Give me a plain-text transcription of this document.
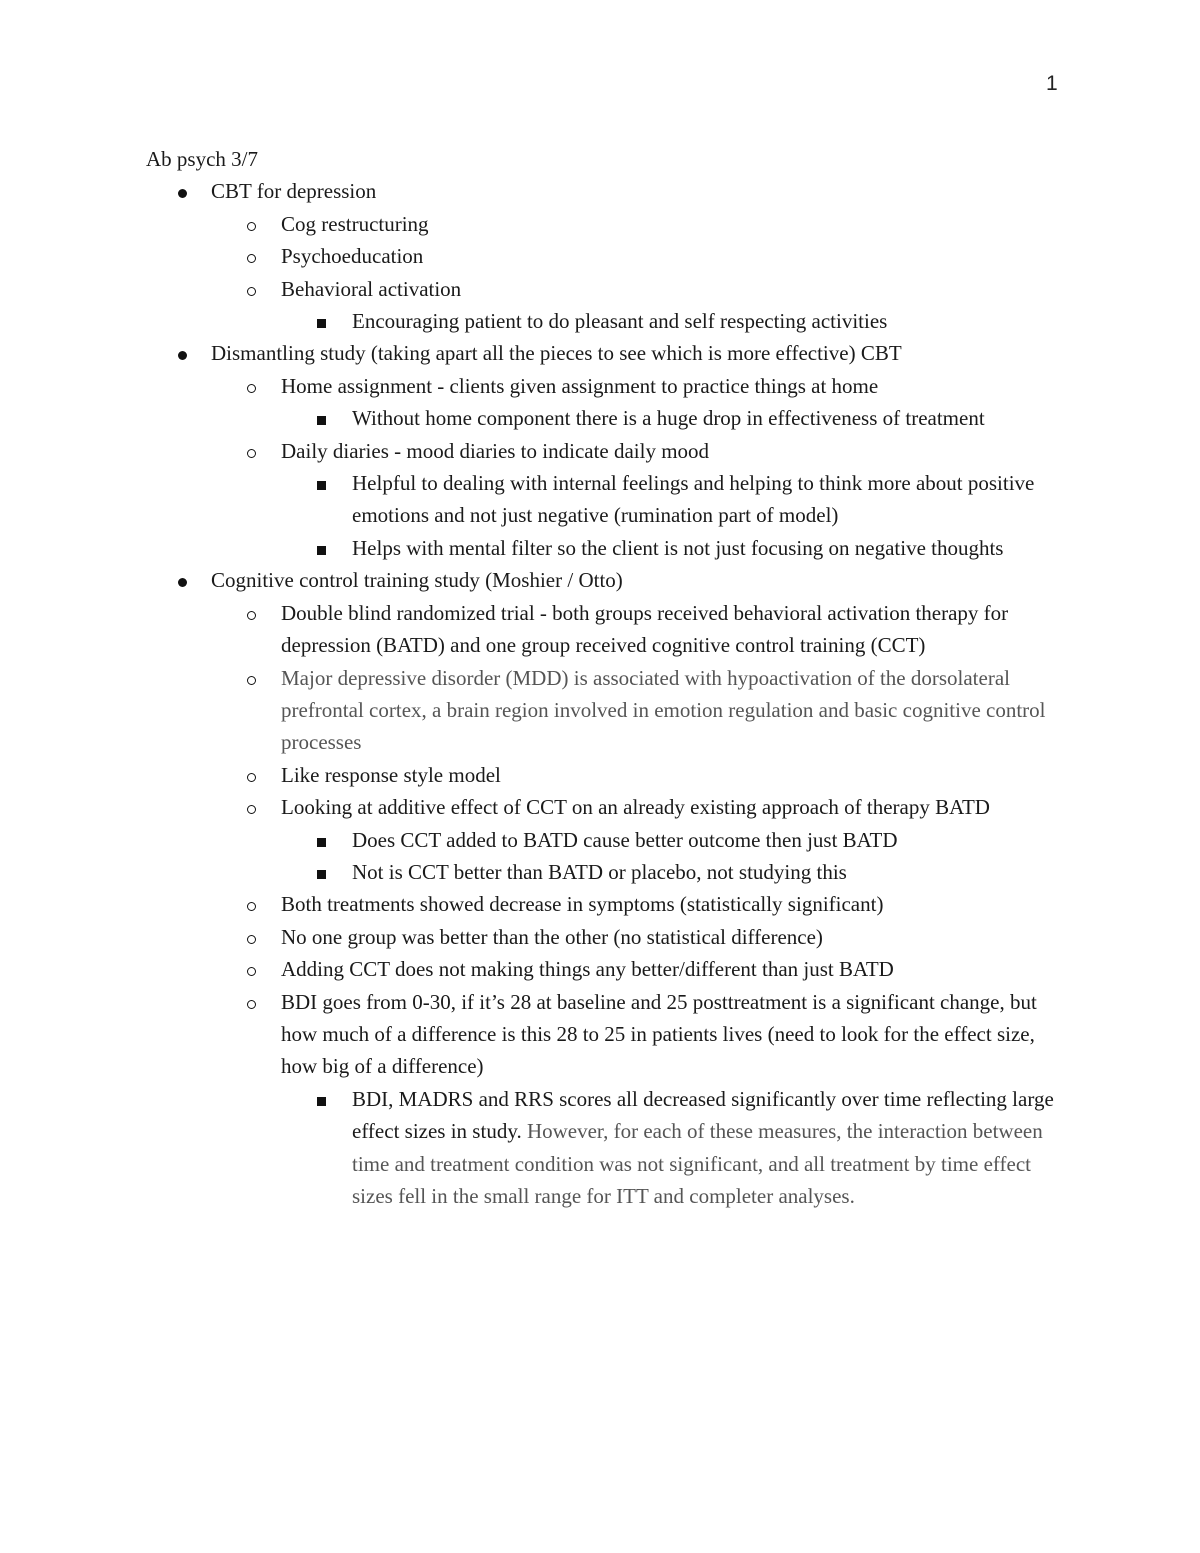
1
Ab psych 3/7
CBT for depression
Cog restructuring
Psychoeducation
Behavioral activation
Encouraging patient to do pleasant and self respecting activities
Dismantling study (taking apart all the pieces to see which is more effective) CBT
Home assignment - clients given assignment to practice things at home
Without home component there is a huge drop in effectiveness of treatment
Daily diaries - mood diaries to indicate daily mood
Helpful to dealing with internal feelings and helping to think more about positive emotions and not just negative (rumination part of model)
Helps with mental filter so the client is not just focusing on negative thoughts
Cognitive control training study (Moshier / Otto)
Double blind randomized trial - both groups received behavioral activation therapy for depression (BATD) and one group received cognitive control training (CCT)
Major depressive disorder (MDD) is associated with hypoactivation of the dorsolateral prefrontal cortex, a brain region involved in emotion regulation and basic cognitive control processes
Like response style model
Looking at additive effect of CCT on an already existing approach of therapy BATD
Does CCT added to BATD cause better outcome then just BATD
Not is CCT better than BATD or placebo, not studying this
Both treatments showed decrease in symptoms (statistically significant)
No one group was better than the other (no statistical difference)
Adding CCT does not making things any better/different than just BATD
BDI goes from 0-30, if it’s 28 at baseline and 25 posttreatment is a significant change, but how much of a difference is this 28 to 25 in patients lives (need to look for the effect size, how big of a difference)
BDI, MADRS and RRS scores all decreased significantly over time reflecting large effect sizes in study. However, for each of these measures, the interaction between time and treatment condition was not significant, and all treatment by time effect sizes fell in the small range for ITT and completer analyses.
